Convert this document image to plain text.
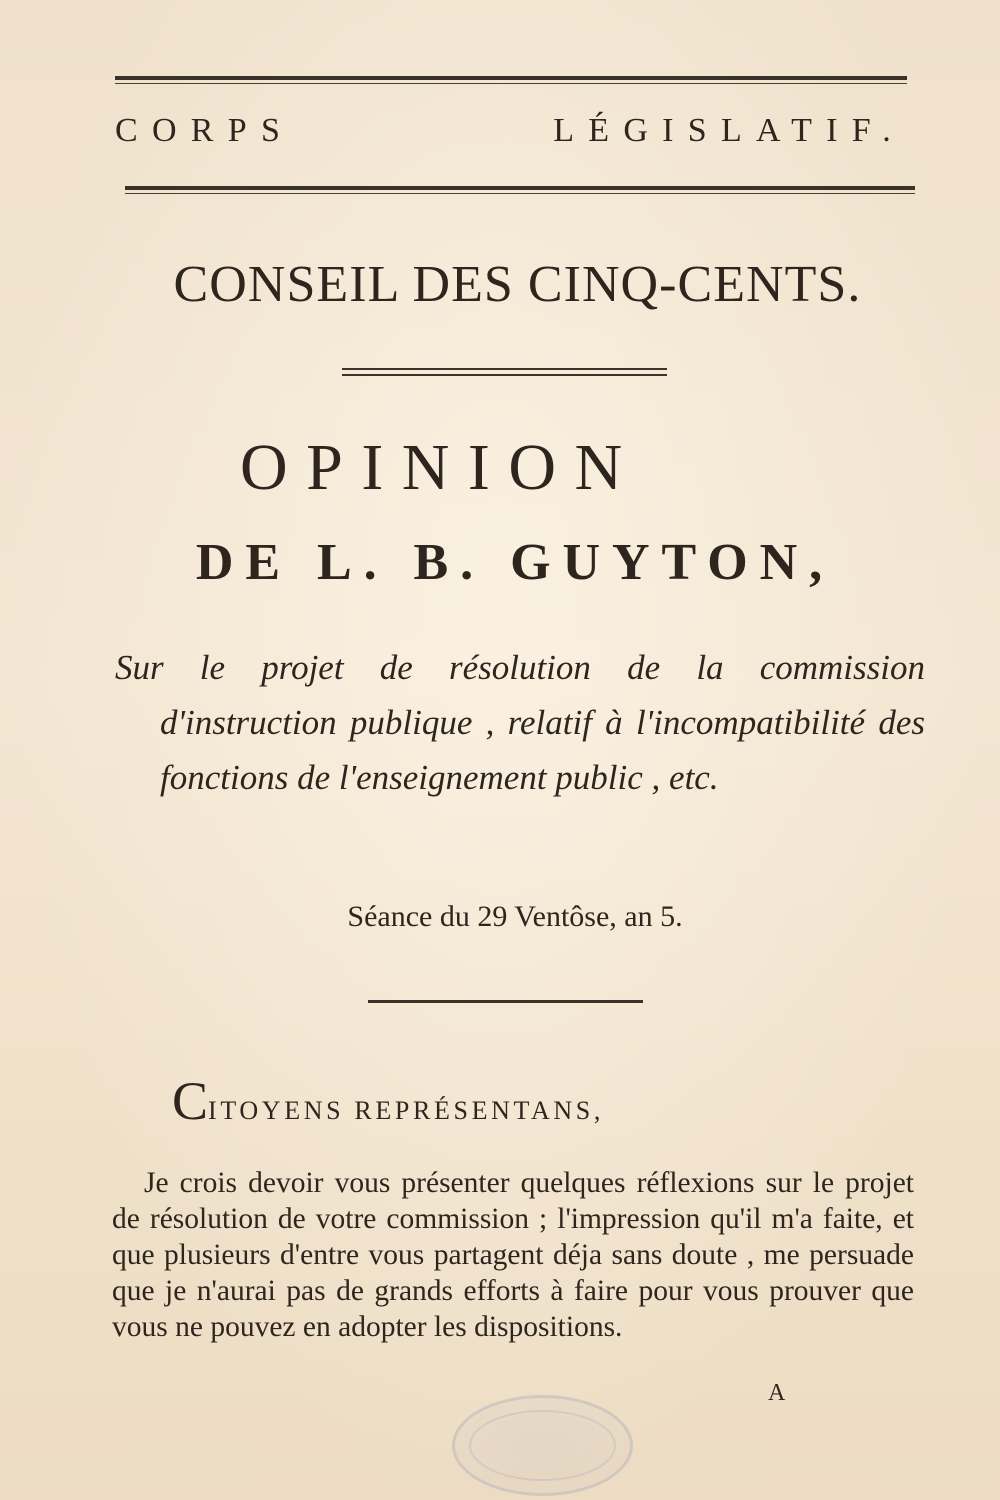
CORPS LÉGISLATIF.
CONSEIL DES CINQ-CENTS.
OPINION
DE L. B. GUYTON,
Sur le projet de résolution de la commission
d'instruction publique , relatif à l'incompatibilité des fonctions de l'enseignement public , etc.
Séance du 29 Ventôse, an 5.
CITOYENS REPRÉSENTANS,
Je crois devoir vous présenter quelques réflexions sur le projet de résolution de votre commission ; l'impression qu'il m'a faite, et que plusieurs d'entre vous partagent déja sans doute , me persuade que je n'aurai pas de grands efforts à faire pour vous prouver que vous ne pouvez en adopter les dispositions.
A
